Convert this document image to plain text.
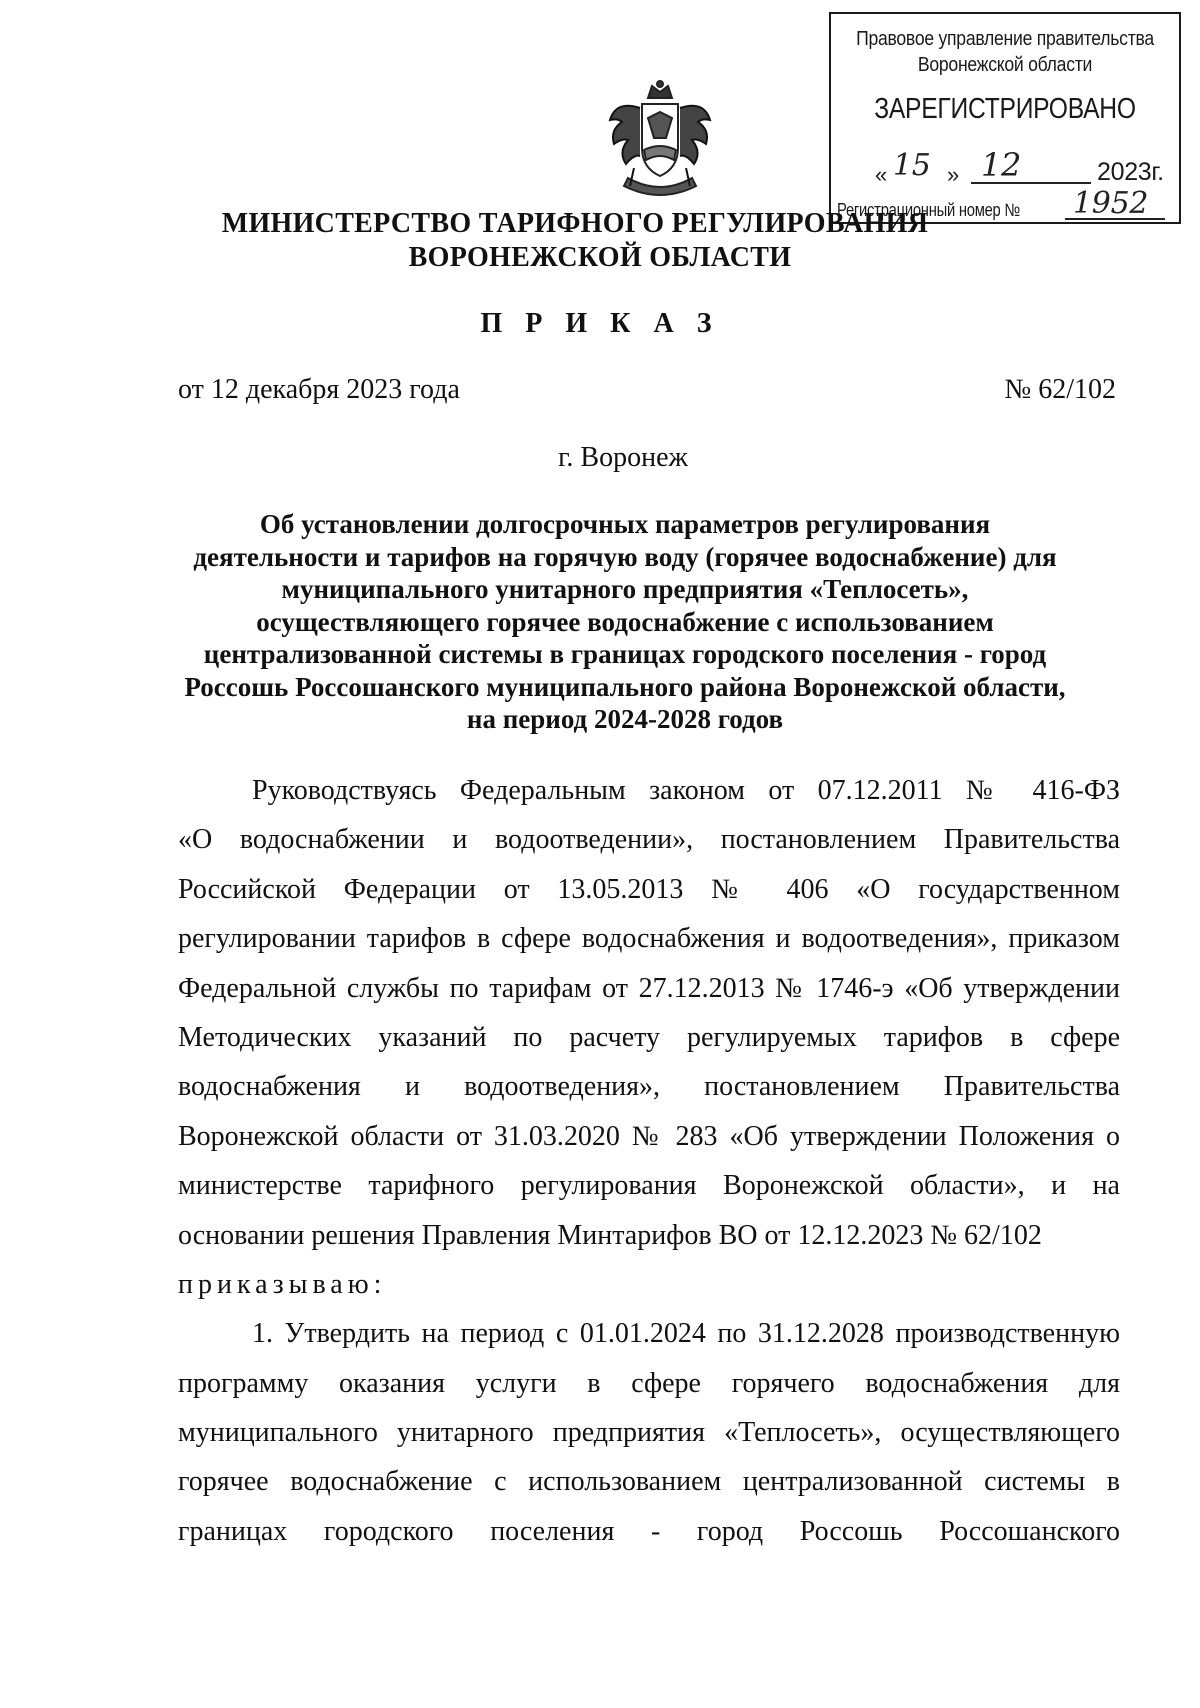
Правовое управление правительства
Воронежской области
ЗАРЕГИСТРИРОВАНО
« 15 » 12	2023г.
Регистрационный номер № 1952
МИНИСТЕРСТВО ТАРИФНОГО РЕГУЛИРОВАНИЯ
ВОРОНЕЖСКОЙ ОБЛАСТИ
П Р И К А З
от 12 декабря 2023 года	№ 62/102
г. Воронеж
Об установлении долгосрочных параметров регулирования
деятельности и тарифов на горячую воду (горячее водоснабжение) для
муниципального унитарного предприятия «Теплосеть»,
осуществляющего горячее водоснабжение с использованием
централизованной системы в границах городского поселения - город
Россошь Россошанского муниципального района Воронежской области,
на период 2024-2028 годов
Руководствуясь Федеральным законом от 07.12.2011 № 416-ФЗ
«О водоснабжении и водоотведении», постановлением Правительства
Российской Федерации от 13.05.2013 № 406 «О государственном
регулировании тарифов в сфере водоснабжения и водоотведения», приказом
Федеральной службы по тарифам от 27.12.2013 № 1746-э «Об утверждении
Методических указаний по расчету регулируемых тарифов в сфере
водоснабжения и водоотведения», постановлением Правительства
Воронежской области от 31.03.2020 № 283 «Об утверждении Положения о
министерстве тарифного регулирования Воронежской области», и на
основании решения Правления Минтарифов ВО от 12.12.2023 № 62/102
приказываю:
1. Утвердить на период с 01.01.2024 по 31.12.2028 производственную
программу оказания услуги в сфере горячего водоснабжения для
муниципального унитарного предприятия «Теплосеть», осуществляющего
горячее водоснабжение с использованием централизованной системы в
границах городского поселения - город Россошь Россошанского
